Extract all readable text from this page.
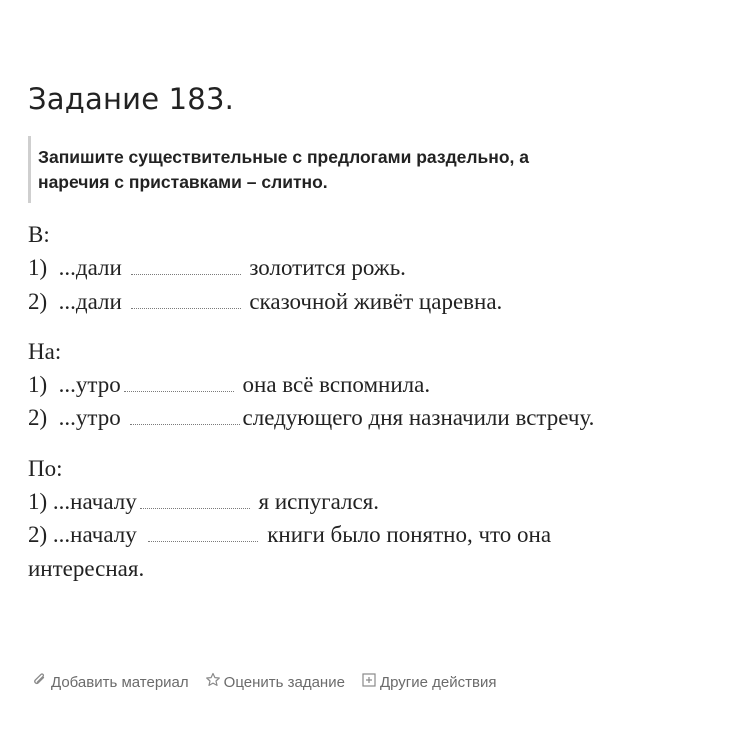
Задание 183.
Запишите существительные с предлогами раздельно, а наречия с приставками – слитно.
В:
1) ...дали	золотится рожь.
2) ...дали	сказочной живёт царевна.
На:
1) ...утро	она всё вспомнила.
2) ...утро	следующего дня назначили встречу.
По:
1) ...началу	я испугался.
2) ...началу	книги было понятно, что она интересная.
Добавить материал Оценить задание Другие действия
